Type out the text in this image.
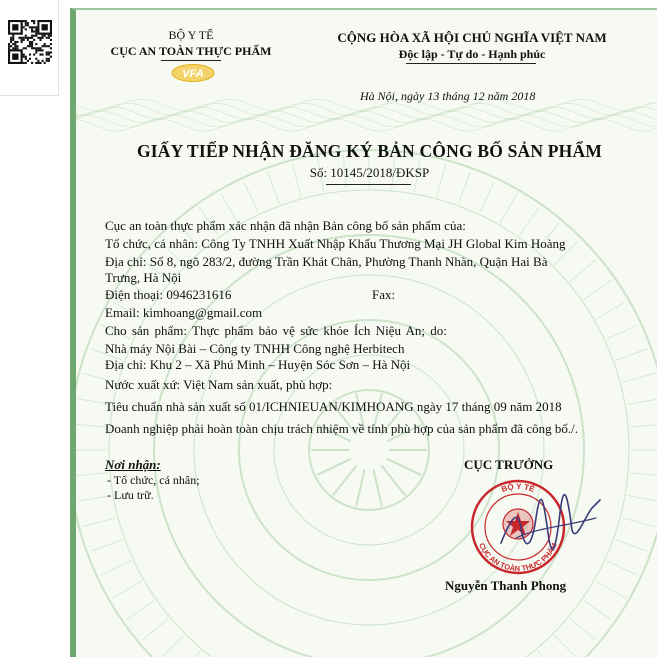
BỘ Y TẾ
CỤC AN TOÀN THỰC PHẨM
VFA
CỘNG HÒA XÃ HỘI CHỦ NGHĨA VIỆT NAM
Độc lập - Tự do - Hạnh phúc
Hà Nội, ngày 13 tháng 12 năm 2018
GIẤY TIẾP NHẬN ĐĂNG KÝ BẢN CÔNG BỐ SẢN PHẨM
Số: 10145/2018/ĐKSP
Cục an toàn thực phẩm xác nhận đã nhận Bản công bố sản phẩm của:
Tổ chức, cá nhân: Công Ty TNHH Xuất Nhập Khẩu Thương Mại JH Global Kim Hoàng
Địa chỉ: Số 8, ngõ 283/2, đường Trần Khát Chân, Phường Thanh Nhàn, Quận Hai Bà
Trưng, Hà Nội
Điện thoại: 0946231616	Fax:
Email: kimhoang@gmail.com
Cho sản phẩm: Thực phẩm bảo vệ sức khỏe Ích Niệu An; do:
Nhà máy Nội Bài – Công ty TNHH Công nghệ Herbitech
Địa chỉ: Khu 2 – Xã Phú Minh – Huyện Sóc Sơn – Hà Nội
Nước xuất xứ: Việt Nam sản xuất, phù hợp:
Tiêu chuẩn nhà sản xuất số 01/ICHNIEUAN/KIMHOANG ngày 17 tháng 09 năm 2018
Doanh nghiệp phải hoàn toàn chịu trách nhiệm về tính phù hợp của sản phẩm đã công bố./.
Nơi nhận:
- Tổ chức, cá nhân;
- Lưu trữ.
CỤC TRƯỞNG
BỘ Y TẾ
CỤC AN TOÀN THỰC PHẨM
Nguyễn Thanh Phong
